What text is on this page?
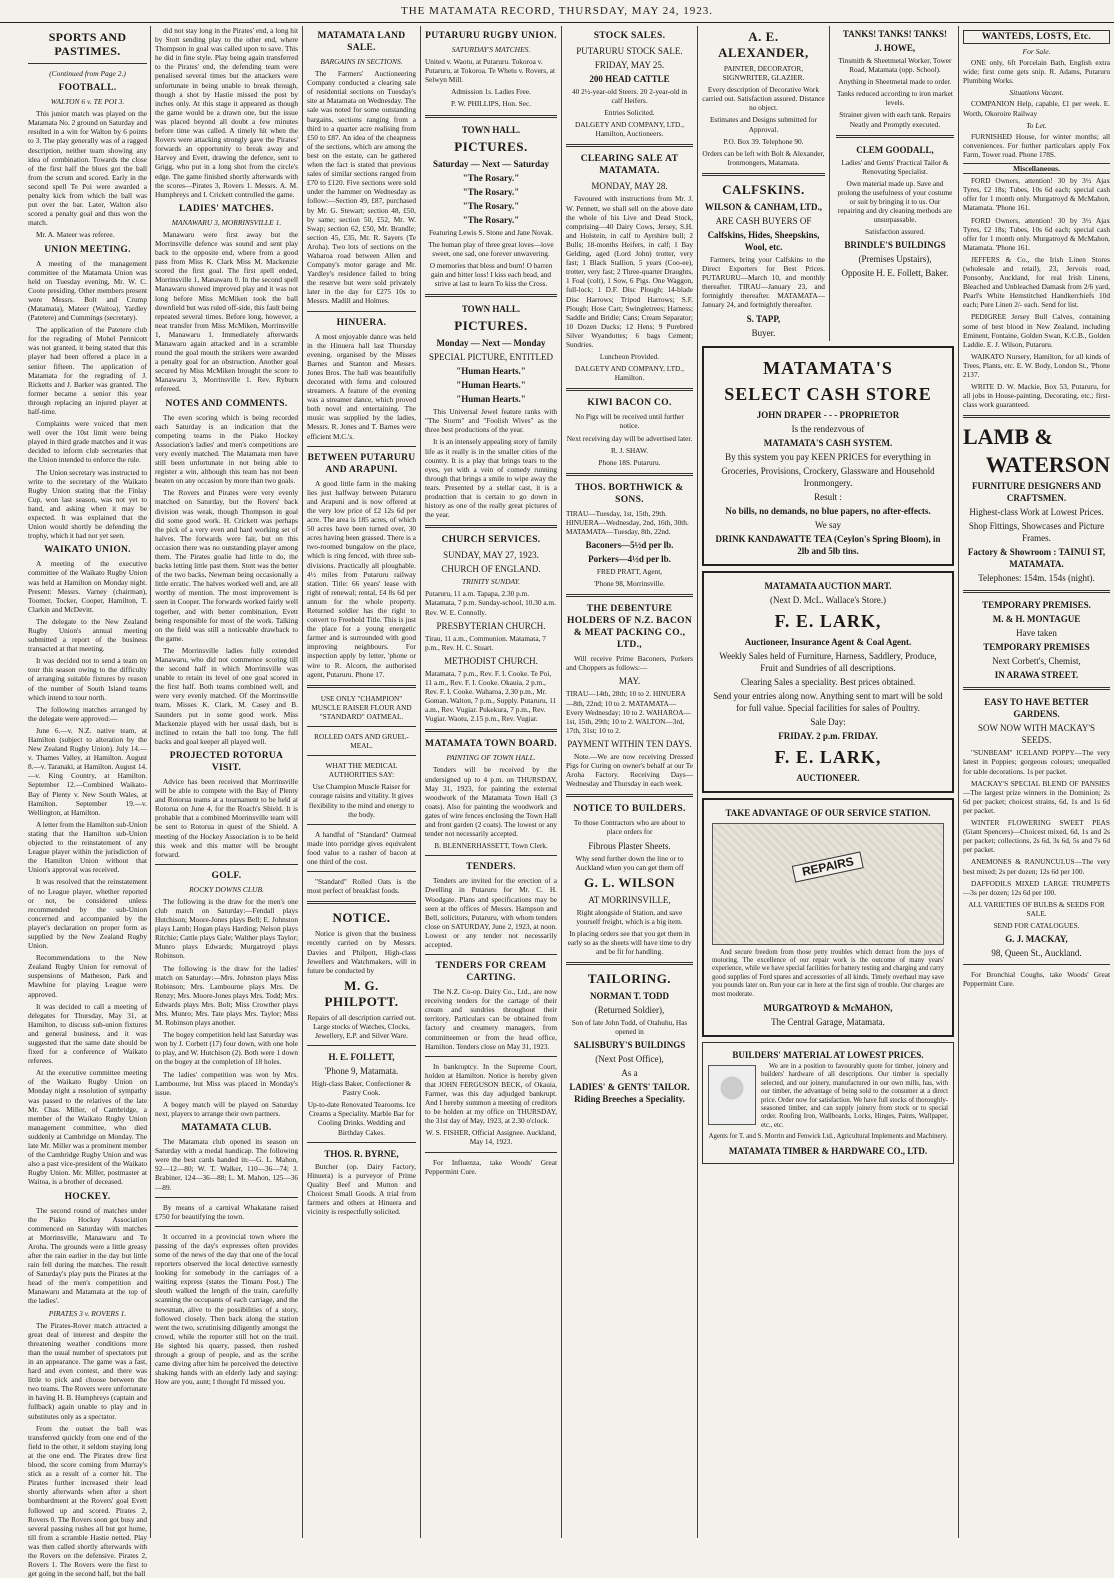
THE MATAMATA RECORD, THURSDAY, MAY 24, 1923.
SPORTS AND PASTIMES.
(Continued from Page 2.)
FOOTBALL.
WALTON 6 v. TE POI 3.

This junior match was played on the Matamata No. 2 ground on Saturday and resulted in a win for Walton by 6 points to 3. The play generally was of a ragged description, neither team showing any idea of combination. Towards the close of the first half the blues got the ball from the scrum and scored. Early in the second spell Te Poi were awarded a penalty kick from which the ball was put over the bar. Later, Walton also scored a penalty goal and thus won the match.

Mr. A. Mateer was referee.

UNION MEETING.

A meeting of the management committee of the Matamata Union was held on Tuesday evening, Mr. W. C. Coote presiding. Other members present were Messrs. Bolt and Crump (Matamata), Mateer (Waitoa), Yardley (Patetere) and Cummings (secretary).

The application of the Patetere club for the regrading of Mohel Pennicott was not granted, it being stated that this player had been offered a place in a senior fifteen. The application of Matamata for the regrading of J. Ricketts and J. Barker was granted. The former became a senior this year through replacing an injured player at half-time.

Complaints were voiced that men well over the 10st limit were being played in third grade matches and it was decided to inform club secretaries that the Union intended to enforce the rule.

The Union secretary was instructed to write to the secretary of the Waikato Rugby Union stating that the Finlay Cup, won last season, was not yet to hand, and asking when it may be expected. It was explained that the Union would shortly be defending the trophy, which it had not yet seen.

WAIKATO UNION.

A meeting of the executive committee of the Waikato Rugby Union was held at Hamilton on Monday night. Present: Messrs. Varney (chairman), Toomer, Tocker, Cooper, Hamilton, T. Clarkin and McDevitt.

The delegate to the New Zealand Rugby Union's annual meeting submitted a report of the business transacted at that meeting.

It was decided not to send a team on tour this season owing to the difficulty of arranging suitable fixtures by reason of the number of South Island teams which intend to tour north.

The following matches arranged by the delegate were approved:—

June 6.—v. N.Z. native team, at Hamilton (subject to alteration by the New Zealand Rugby Union). July 14.—v. Thames Valley, at Hamilton. August 8.—v. Taranaki, at Hamilton. August 14.—v. King Country, at Hamilton. September 12.—Combined Waikato-Bay of Plenty v. New South Wales, at Hamilton. September 19.—v. Wellington, at Hamilton.

A letter from the Hamilton sub-Union stating that the Hamilton sub-Union objected to the reinstatement of any League player within the jurisdiction of the Hamilton Union without that Union's approval was received.

It was resolved that the reinstatement of no League player, whether reported or not, be considered unless recommended by the sub-Union concerned and accompanied by the player's declaration on proper form as supplied by the New Zealand Rugby Union.

Recommendations to the New Zealand Rugby Union for removal of suspensions of Matheson, Park and Mawhine for playing League were approved.

It was decided to call a meeting of delegates for Thursday, May 31, at Hamilton, to discuss sub-union fixtures and general business, and it was suggested that the same date should be fixed for a conference of Waikato referees.

At the executive committee meeting of the Waikato Rugby Union on Monday night a resolution of sympathy was passed to the relatives of the late Mr. Chas. Miller, of Cambridge, a member of the Waikato Rugby Union management committee, who died suddenly at Cambridge on Monday. The late Mr. Miller was a prominent member of the Cambridge Rugby Union and was also a past vice-president of the Waikato Rugby Union. Mr. Miller, postmaster at Waitoa, is a brother of deceased.

HOCKEY.

The second round of matches under the Piako Hockey Association commenced on Saturday with matches at Morrinsville, Manawaru and Te Aroha. The grounds were a little greasy after the rain earlier in the day but little rain fell during the matches. The result of Saturday's play puts the Pirates at the head of the men's competition and Manawaru and Matamata at the top of the ladies'.

PIRATES 3 v. ROVERS 1.

The Pirates-Rover match attracted a great deal of interest and despite the threatening weather conditions more than the usual number of spectators put in an appearance. The game was a fast, hard and even contest, and there was little to pick and choose between the two teams. The Rovers were unfortunate in having H. B. Humphreys (captain and fullback) again unable to play and in substitutes only as a spectator.

From the outset the ball was transferred quickly from one end of the field to the other, it seldom staying long at the one end. The Pirates drew first blood, the score coming from Murray's stick as a result of a corner hit. The Pirates further increased their lead shortly afterwards when after a short bombardment at the Rovers' goal Evett followed up and scored. Pirates 2, Rovers 0. The Rovers soon got busy and several passing rushes all but got home, till from a scramble Hastie netted. Play was then called shortly afterwards with the Rovers on the defensive. Pirates 2, Rovers 1. The Rovers were the first to get going in the second half, but the ball

did not stay long in the Pirates' end, a long hit by Stott sending play to the other end, where Thompson in goal was called upon to save. This he did in fine style. Play being again transferred to the Pirates' end, the defending team were penalised several times but the attackers were unfortunate in being unable to break through, though a shot by Hastie missed the post by inches only. At this stage it appeared as though the game would be a drawn one, but the issue was placed beyond all doubt a few minutes before time was called. A timely hit when the Rovers were attacking strongly gave the Pirates' forwards an opportunity to break away and Harvey and Evett, drawing the defence, sent to Grigg, who put in a long shot from the circle's edge. The game finished shortly afterwards with the scores—Pirates 3, Rovers 1. Messrs. A. M. Humphreys and I. Crickett controlled the game.

LADIES' MATCHES.
MANAWARU 3, MORRINSVILLE 1.

Manawaru were first away but the Morrinsville defence was sound and sent play back to the opposite end, where from a good pass from Miss K. Clark Miss M. Mackenzie scored the first goal. The first spell ended, Morrinsville 1, Manawaru 0. In the second spell Manawaru showed improved play and it was not long before Miss McMiken took the ball downfield but was ruled off-side, this fault being repeated several times. Before long, however, a neat transfer from Miss McMiken, Morrinsville 1, Manawaru 1. Immediately afterwards Manawaru again attacked and in a scramble round the goal mouth the strikers were awarded a penalty goal for an obstruction. Another goal secured by Miss McMiken brought the score to Manawaru 3, Morrinsville 1. Rev. Ryburn refereed.

NOTES AND COMMENTS.

The even scoring which is being recorded each Saturday is an indication that the competing teams in the Piako Hockey Association's ladies' and men's competitions are very evenly matched. The Matamata men have still been unfortunate in not being able to register a win, although this team has not been beaten on any occasion by more than two goals.

The Rovers and Pirates were very evenly matched on Saturday, but the Rovers' back division was weak, though Thompson in goal did some good work. H. Crickett was perhaps the pick of a very even and hard working set of halves. The forwards were fair, but on this occasion there was no outstanding player among them. The Pirates goalie had little to do, the backs letting little past them. Stott was the better of the two backs, Newman being occasionally a little erratic. The halves worked well and, are all worthy of mention. The most improvement is seen in Cooper. The forwards worked fairly well together, and with better combination, Evett being responsible for most of the work. Talking on the field was still a noticeable drawback to the game.

The Morrinsville ladies fully extended Manawaru, who did not commence scoring till the second half in which Morrinsville was unable to retain its level of one goal scored in the first half. Both teams combined well, and were very evenly matched. Of the Morrinsville team, Misses K. Clark, M. Casey and B. Saunders put in some good work. Miss Mackenzie played with her usual dash, but is inclined to retain the ball too long. The full backs and goal keeper all played well.

PROJECTED ROTORUA VISIT.

Advice has been received that Morrinsville will be able to compete with the Bay of Plenty and Rotorua teams at a tournament to be held at Rotorua on June 4, for the Roach's Shield. It is probable that a combined Morrinsville team will be sent to Rotorua in quest of the Shield. A meeting of the Hockey Association is to be held this week and this matter will be brought forward.

GOLF.
ROCKY DOWNS CLUB.

The following is the draw for the men's one club match on Saturday:—Fendall plays Hutchison; Moore-Jones plays Bell; E. Johnston plays Lamb; Hogan plays Harding; Nelson plays Ritchie; Cattle plays Gale; Walther plays Taylor; Munro plays Edwards; Murgatroyd plays Robinson.

The following is the draw for the ladies' match on Saturday:—Mrs. Johnston plays Miss Robinson; Mrs. Lambourne plays Mrs. De Renzy; Mrs. Moore-Jones plays Mrs. Todd; Mrs. Edwards plays Mrs. Bolt; Miss Crowther plays Mrs. Munro; Mrs. Tate plays Mrs. Taylor; Miss M. Robinson plays another.

The bogey competition held last Saturday was won by J. Corbett (17) four down, with one hole to play, and W. Hutchison (2). Both were 1 down on the bogey at the completion of 18 holes.

The ladies' competition was won by Mrs. Lambourne, but Miss was placed in Monday's issue.

A bogey match will be played on Saturday next, players to arrange their own partners.

MATAMATA CLUB.

The Matamata club opened its season on Saturday with a medal handicap. The following were the best cards handed in:—G. L. Mahon, 92—12—80; W. T. Walker, 110—36—74; J. Brabiner, 124—36—88; L. M. Mahon, 125—36—89.

By means of a carnival Whakatane raised £750 for beautifying the town.

It occurred in a provincial town where the passing of the day's expresses often provides some of the news of the day that one of the local reporters observed the local detective earnestly looking for somebody in the carriages of a waiting express (states the Timaru Post.) The sleuth walked the length of the train, carefully scanning the occupants of each carriage, and the newsman, alive to the possibilities of a story, followed closely. Then back along the station went the two, scrutinising diligently amongst the crowd, while the reporter still hot on the trail. He sighted his quarry, passed, then rushed through a group of people, and as the scribe came diving after him he perceived the detective shaking hands with an elderly lady and saying: How are you, aunt; I thought I'd missed you.

MATAMATA LAND SALE.
BARGAINS IN SECTIONS.

The Farmers' Auctioneering Company conducted a clearing sale of residential sections on Tuesday's site at Matamata on Wednesday. The sale was noted for some outstanding bargains, sections ranging from a third to a quarter acre realising from £50 to £87. An idea of the cheapness of the sections, which are among the best on the estate, can be gathered when the fact is stated that previous sales of similar sections ranged from £70 to £120. Five sections were sold under the hammer on Wednesday as follow:—Section 49, £87, purchased by Mr. G. Stewart; section 48, £50, by same; section 50, £52, Mr. W. Swap; section 62, £50, Mr. Brandle; section 45, £35, Mr. R. Sayers (Te Aroha). Two lots of sections on the Waharoa road between Allen and Company's motor garage and Mr. Yardley's residence failed to bring the reserve but were sold privately later in the day for £275 10s to Messrs. Madill and Holmes.

HINUERA.

A most enjoyable dance was held in the Hinuera hall last Thursday evening, organised by the Misses Barnes and Stanton and Messrs. Jones Bros. The hall was beautifully decorated with ferns and coloured streamers. A feature of the evening was a streamer dance, which proved both novel and entertaining. The music was supplied by the ladies, Messrs. R. Jones and T. Barnes were efficient M.C.'s.

BETWEEN PUTARURU AND ARAPUNI.

A good little farm in the making lies just halfway between Putaruru and Arapuni and is now offered at the very low price of £2 12s 6d per acre. The area is 185 acres, of which 50 acres have been turned over, 30 acres having been grassed. There is a two-roomed bungalow on the place, which is ring fenced, with three sub-divisions. Practically all ploughable. 4½ miles from Putaruru railway station. Title: 66 years' lease with right of renewal; rental, £4 8s 6d per annum for the whole property. Returned soldier has the right to convert to Freehold Title. This is just the place for a young energetic farmer and is surrounded with good improving neighbours. For inspection apply by letter, 'phone or wire to R. Alcorn, the authorised agent, Putaruru. Phone 17.

USE ONLY "CHAMPION" MUSCLE RAISER FLOUR AND "STANDARD" OATMEAL.

ROLLED OATS AND GRUEL-MEAL.

WHAT THE MEDICAL AUTHORITIES SAY:

Use Champion Muscle Raiser for courage raisins and vitality. It gives flexibility to the mind and energy to the body.

A handful of "Standard" Oatmeal made into porridge gives equivalent food value to a rasher of bacon at one third of the cost.

"Standard" Rolled Oats is the most perfect of breakfast foods.

NOTICE.

Notice is given that the business recently carried on by Messrs. Davies and Philpott, High-class Jewellers and Watchmakers, will in future be conducted by

M. G. PHILPOTT.

Repairs of all description carried out. Large stocks of Watches, Clocks, Jewellery, E.P. and Silver Ware.

H. E. FOLLETT,
'Phone 9, Matamata.

High-class Baker, Confectioner & Pastry Cook.

Up-to-date Renovated Tearooms. Ice Creams a Speciality. Marble Bar for Cooling Drinks. Wedding and Birthday Cakes.

THOS. R. BYRNE,

Butcher (op. Dairy Factory, Hinuera) is a purveyor of Prime Quality Beef and Mutton and Choicest Small Goods. A trial from farmers and others at Hinuera and vicinity is respectfully solicited.

PUTARURU RUGBY UNION.
SATURDAY'S MATCHES.

United v. Waotu, at Putaruru. Tokoroa v. Putaruru, at Tokoroa. Te Whetu v. Rovers, at Selwyn Mill.

Admission 1s. Ladies Free.

P. W. PHILLIPS, Hon. Sec.

TOWN HALL.
PICTURES.
Saturday — Next — Saturday
"The Rosary."
"The Rosary."
"The Rosary."
"The Rosary."

Featuring Lewis S. Stone and Jane Novak.

The human play of three great loves—love sweet, one sad, one forever unwavering.

O memories that bless and burn! O barren gain and bitter loss! I kiss each bead, and strive at last to learn To kiss the Cross.

TOWN HALL.
PICTURES.
Monday — Next — Monday
SPECIAL PICTURE, ENTITLED
"Human Hearts."
"Human Hearts."
"Human Hearts."

This Universal Jewel feature ranks with "The Storm" and "Foolish Wives" as the three best productions of the year.

It is an intensely appealing story of family life as it really is in the smaller cities of the country. It is a play that brings tears to the eyes, yet with a vein of comedy running through that brings a smile to wipe away the tears. Presented by a stellar cast, it is a production that is certain to go down in history as one of the really great pictures of the year.

CHURCH SERVICES.
SUNDAY, MAY 27, 1923.
CHURCH OF ENGLAND.
TRINITY SUNDAY.

Putaruru, 11 a.m. Tapapa, 2.30 p.m. Matamata, 7 p.m. Sunday-school, 10.30 a.m. Rev. W. E. Connolly.

PRESBYTERIAN CHURCH.

Tirau, 11 a.m., Communion. Matamata, 7 p.m., Rev. H. C. Stuart.

METHODIST CHURCH.

Matamata, 7 p.m., Rev. F. I. Cooke. Te Poi, 11 a.m., Rev. F. I. Cooke. Okauia, 2 p.m., Rev. F. I. Cooke. Waharoa, 2.30 p.m., Mr. Goman. Walton, 7 p.m., Supply. Putaruru, 11 a.m., Rev. Vugiar. Pukekura, 7 p.m., Rev. Vugiar. Waotu, 2.15 p.m., Rev. Vugiar.

MATAMATA TOWN BOARD.
PAINTING OF TOWN HALL.

Tenders will be received by the undersigned up to 4 p.m. on THURSDAY, May 31, 1923, for painting the external woodwork of the Matamata Town Hall (3 coats). Also for painting the woodwork and gates of wire fences enclosing the Town Hall and front garden (2 coats). The lowest or any tender not necessarily accepted.

B. BLENNERHASSETT, Town Clerk.

TENDERS.

Tenders are invited for the erection of a Dwelling in Putaruru for Mr. C. H. Woodgate. Plans and specifications may be seen at the offices of Messrs. Hampson and Bell, solicitors, Putaruru, with whom tenders close on SATURDAY, June 2, 1923, at noon. Lowest or any tender not necessarily accepted.

TENDERS FOR CREAM CARTING.

The N.Z. Co-op. Dairy Co., Ltd., are now receiving tenders for the cartage of their cream and sundries throughout their territory. Particulars can be obtained from factory and creamery managers, from committeemen or from the head office, Hamilton. Tenders close on May 31, 1923.

In bankruptcy. In the Supreme Court, holden at Hamilton. Notice is hereby given that JOHN FERGUSON BECK, of Okauia, Farmer, was this day adjudged bankrupt. And I hereby summon a meeting of creditors to be holden at my office on THURSDAY, the 31st day of May, 1923, at 2.30 o'clock.

W. S. FISHER, Official Assignee. Auckland, May 14, 1923.

For Influenza, take Woods' Great Peppermint Cure.

STOCK SALES.
PUTARURU STOCK SALE.
FRIDAY, MAY 25.
200 HEAD CATTLE

40 2½-year-old Steers. 20 2-year-old in calf Heifers.

Entries Solicited.

DALGETY AND COMPANY, LTD., Hamilton, Auctioneers.

CLEARING SALE AT MATAMATA.
MONDAY, MAY 28.

Favoured with instructions from Mr. J. W. Pennett, we shall sell on the above date the whole of his Live and Dead Stock, comprising—40 Dairy Cows, Jersey, S.H. and Holstein, in calf to Ayrshire bull; 2 Bulls; 18-months Heifers, in calf; 1 Bay Gelding, aged (Lord John) trotter, very fast; 1 Black Stallion, 5 years (Coo-ee), trotter, very fast; 2 Three-quarter Draughts, 1 Foal (colt), 1 Sow, 6 Pigs. One Waggon, full-lock; 1 D.F. Disc Plough; 14-blade Disc Harrows; Tripod Harrows; S.F. Plough; Hose Cart; Swingletrees; Harness; Saddle and Bridle; Cans; Cream Separator; 10 Dozen Ducks; 12 Hens; 9 Purebred Silver Wyandottes; 6 bags Cement; Sundries.

Luncheon Provided.

DALGETY AND COMPANY, LTD., Hamilton.

KIWI BACON CO.

No Pigs will be received until further notice.

Next receiving day will be advertised later.

R. J. SHAW.

Phone 18S. Putaruru.

THOS. BORTHWICK & SONS.

TIRAU—Tuesday, 1st, 15th, 29th. HINUERA—Wednesday, 2nd, 16th, 30th. MATAMATA—Tuesday, 8th, 22nd.

Baconers—5½d per lb.
Porkers—4½d per lb.

FRED PRATT, Agent,

'Phone 98, Morrinsville.

THE DEBENTURE HOLDERS OF N.Z. BACON & MEAT PACKING CO., LTD.,

Will receive Prime Baconers, Porkers and Choppers as follows:—

MAY.

TIRAU—14th, 28th; 10 to 2. HINUERA—8th, 22nd; 10 to 2. MATAMATA—Every Wednesday; 10 to 2. WAHAROA—1st, 15th, 29th; 10 to 2. WALTON—3rd, 17th, 31st; 10 to 2.

PAYMENT WITHIN TEN DAYS.

Note.—We are now receiving Dressed Pigs for Curing on owner's behalf at our Te Aroha Factory. Receiving Days—Wednesday and Thursday in each week.

NOTICE TO BUILDERS.

To those Contractors who are about to place orders for

Fibrous Plaster Sheets.

Why send further down the line or to Auckland when you can get them off

G. L. WILSON
AT MORRINSVILLE,

Right alongside of Station, and save yourself freight, which is a big item.

In placing orders see that you get them in early so as the sheets will have time to dry and be fit for handling.

TAILORING.
NORMAN T. TODD
(Returned Soldier),

Son of late John Todd, of Otahuhu, Has opened in

SALISBURY'S BUILDINGS
(Next Post Office),
As a
LADIES' & GENTS' TAILOR. Riding Breeches a Speciality.
A. E. ALEXANDER,

PAINTER, DECORATOR, SIGNWRITER, GLAZIER.

Every description of Decorative Work carried out. Satisfaction assured. Distance no object.

Estimates and Designs submitted for Approval.

P.O. Box 39. Telephone 90.

Orders can be left with Bolt & Alexander, Ironmongers, Matamata.

CALFSKINS.
WILSON & CANHAM, LTD.,
ARE CASH BUYERS OF
Calfskins, Hides, Sheepskins, Wool, etc.

Farmers, bring your Calfskins to the Direct Exporters for Best Prices. PUTARURU—March 10, and monthly thereafter. TIRAU—January 23, and fortnightly thereafter. MATAMATA—January 24, and fortnightly thereafter.

S. TAPP,
Buyer.
TANKS! TANKS! TANKS!
J. HOWE,

Tinsmith & Sheetmetal Worker, Tower Road, Matamata (opp. School).

Anything in Sheetmetal made to order.

Tanks reduced according to iron market levels.

Strainer given with each tank. Repairs Neatly and Promptly executed.

CLEM GOODALL,

Ladies' and Gents' Practical Tailor & Renovating Specialist.

Own material made up. Save and prolong the usefulness of your costume or suit by bringing it to us. Our repairing and dry cleaning methods are unsurpassable.

Satisfaction assured.

BRINDLE'S BUILDINGS
(Premises Upstairs),
Opposite H. E. Follett, Baker.
MATAMATA'S
SELECT CASH STORE
JOHN DRAPER - - - PROPRIETOR
Is the rendezvous of
MATAMATA'S CASH SYSTEM.
By this system you pay KEEN PRICES for everything in
Groceries, Provisions, Crockery, Glassware and Household Ironmongery.
Result :
No bills, no demands, no blue papers, no after-effects.
We say
DRINK KANDAWATTE TEA (Ceylon's Spring Bloom), in 2lb and 5lb tins.
MATAMATA AUCTION MART.
(Next D. McL. Wallace's Store.)
F. E. LARK,
Auctioneer, Insurance Agent & Coal Agent.
Weekly Sales held of Furniture, Harness, Saddlery, Produce, Fruit and Sundries of all descriptions.
Clearing Sales a speciality. Best prices obtained.
Send your entries along now. Anything sent to mart will be sold for full value. Special facilities for sales of Poultry.
Sale Day:
FRIDAY. 2 p.m. FRIDAY.
F. E. LARK,
AUCTIONEER.
TAKE ADVANTAGE OF OUR SERVICE STATION.
REPAIRS

And secure freedom from those petty troubles which detract from the joys of motoring. The excellence of our repair work is the outcome of many years' experience, while we have special facilities for battery testing and charging and carry good supplies of Ford spares and accessories of all kinds. Timely overhaul may save you pounds later on. Run your car in here at the first sign of trouble. Our charges are most moderate.

MURGATROYD & McMAHON,
The Central Garage, Matamata.
BUILDERS' MATERIAL AT LOWEST PRICES.

We are in a position to favourably quote for timber, joinery and builders' hardware of all descriptions. Our timber is specially selected, and our joinery, manufactured in our own mills, has, with our timber, the advantage of being sold to the consumer at a direct price. Order now for satisfaction. We have full stocks of thoroughly-seasoned timber, and can supply joinery from stock or to special order. Roofing Iron, Wallboards, Locks, Hinges, Paints, Wallpaper, etc., etc.

Agents for T. and S. Morrin and Fenwick Ltd., Agricultural Implements and Machinery.

MATAMATA TIMBER & HARDWARE CO., LTD.
WANTEDS, LOSTS, Etc.
For Sale.

ONE only, 6ft Porcelain Bath, English extra wide; first come gets snip. R. Adams, Putaruru Plumbing Works.

Situations Vacant.

COMPANION Help, capable, £1 per week. E. Worth, Okoroire Railway

To Let.

FURNISHED House, for winter months; all conveniences. For further particulars apply Fox Farm, Tower road. Phone 178S.

Miscellaneous.

FORD Owners, attention! 30 by 3½ Ajax Tyres, £2 18s; Tubes, 10s 6d each; special cash offer for 1 month only. Murgatroyd & McMahon, Matamata. 'Phone 161.

FORD Owners, attention! 30 by 3½ Ajax Tyres, £2 18s; Tubes, 10s 6d each; special cash offer for 1 month only. Murgatroyd & McMahon, Matamata. 'Phone 161.

JEFFERS & Co., the Irish Linen Stores (wholesale and retail), 23, Jervois road, Ponsonby, Auckland, for real Irish Linens, Bleached and Unbleached Damask from 2/6 yard, Pearl's White Hemstitched Handkerchiefs 10d each; Pure Linen 2/- each. Send for list.

PEDIGREE Jersey Bull Calves, containing some of best blood in New Zealand, including Eminent, Fontaine, Golden Swan, K.C.B., Golden Laddie. E. J. Wilson, Putaruru.

WAIKATO Nursery, Hamilton, for all kinds of Trees, Plants, etc. E. W. Body, London St., 'Phone 2137.

WRITE D. W. Mackie, Box 53, Putaruru, for all jobs in House-painting, Decorating, etc.; first-class work guaranteed.

LAMB &
WATERSON
FURNITURE DESIGNERS AND CRAFTSMEN.
Highest-class Work at Lowest Prices.
Shop Fittings, Showcases and Picture Frames.
Factory & Showroom : TAINUI ST, MATAMATA.
Telephones: 154m. 154s (night).
TEMPORARY PREMISES.
M. & H. MONTAGUE
Have taken
TEMPORARY PREMISES
Next Corbett's, Chemist,
IN ARAWA STREET.
EASY TO HAVE BETTER GARDENS.
SOW NOW WITH MACKAY'S SEEDS.

"SUNBEAM" ICELAND POPPY—The very latest in Poppies; gorgeous colours; unequalled for table decorations. 1s per packet.

MACKAY'S SPECIAL BLEND OF PANSIES—The largest prize winners in the Dominion; 2s 6d per packet; choicest strains, 6d, 1s and 1s 6d per packet.

WINTER FLOWERING SWEET PEAS (Giant Spencers)—Choicest mixed, 6d, 1s and 2s per packet; collections, 2s 6d, 3s 6d, 5s and 7s 6d per packet.

ANEMONES & RANUNCULUS—The very best mixed; 2s per dozen; 12s 6d per 100.

DAFFODILS MIXED LARGE TRUMPETS—3s per dozen; 12s 6d per 100.

ALL VARIETIES OF BULBS & SEEDS FOR SALE.

SEND FOR CATALOGUES.

G. J. MACKAY,
98, Queen St., Auckland.

For Bronchial Coughs, take Woods' Great Peppermint Cure.
